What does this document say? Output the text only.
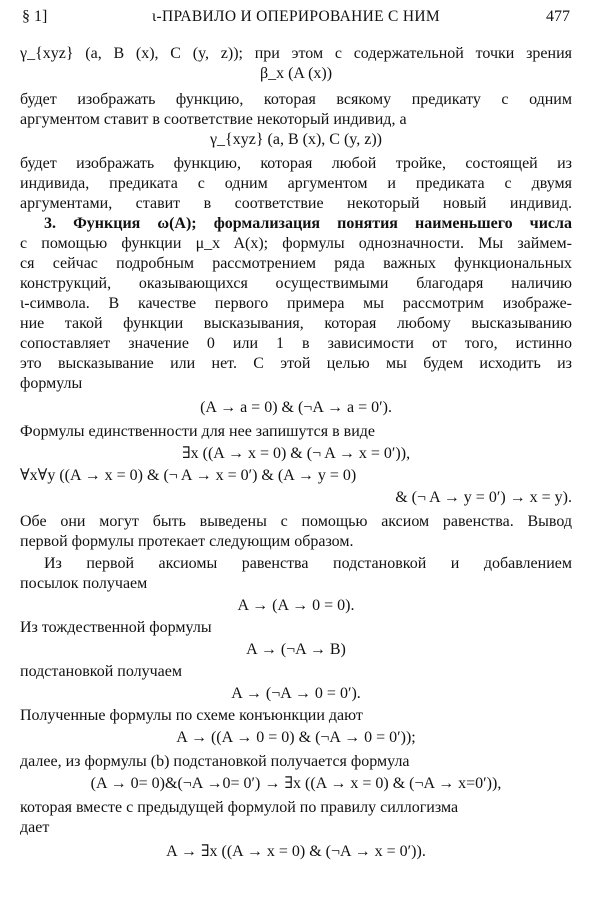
§ 1]	ι-ПРАВИЛО И ОПЕРИРОВАНИЕ С НИМ	477
γ_{xyz} (a, B (x), C (y, z)); при этом с содержательной точки зрения
β_x (A (x))
будет изображать функцию, которая всякому предикату с одним
аргументом ставит в соответствие некоторый индивид, а
γ_{xyz} (a, B (x), C (y, z))
будет изображать функцию, которая любой тройке, состоящей из
индивида, предиката с одним аргументом и предиката с двумя
аргументами, ставит в соответствие некоторый новый индивид.
3. Функция ω(A); формализация понятия наименьшего числа
с помощью функции μ_x A(x); формулы однозначности. Мы займем-
ся сейчас подробным рассмотрением ряда важных функциональных
конструкций, оказывающихся осуществимыми благодаря наличию
ι-символа. В качестве первого примера мы рассмотрим изображе-
ние такой функции высказывания, которая любому высказыванию
сопоставляет значение 0 или 1 в зависимости от того, истинно
это высказывание или нет. С этой целью мы будем исходить из
формулы
(A → a = 0) & (¬A → a = 0′).
Формулы единственности для нее запишутся в виде
∃x ((A → x = 0) & (¬ A → x = 0′)),
∀x∀y ((A → x = 0) & (¬ A → x = 0′) & (A → y = 0)
& (¬ A → y = 0′) → x = y).
Обе они могут быть выведены с помощью аксиом равенства. Вывод
первой формулы протекает следующим образом.
Из первой аксиомы равенства подстановкой и добавлением
посылок получаем
A → (A → 0 = 0).
Из тождественной формулы
A → (¬A → B)
подстановкой получаем
A → (¬A → 0 = 0′).
Полученные формулы по схеме конъюнкции дают
A → ((A → 0 = 0) & (¬A → 0 = 0′));
далее, из формулы (b) подстановкой получается формула
(A → 0= 0)&(¬A →0= 0′) → ∃x ((A → x = 0) & (¬A → x=0′)),
которая вместе с предыдущей формулой по правилу силлогизма
дает
A → ∃x ((A → x = 0) & (¬A → x = 0′)).
